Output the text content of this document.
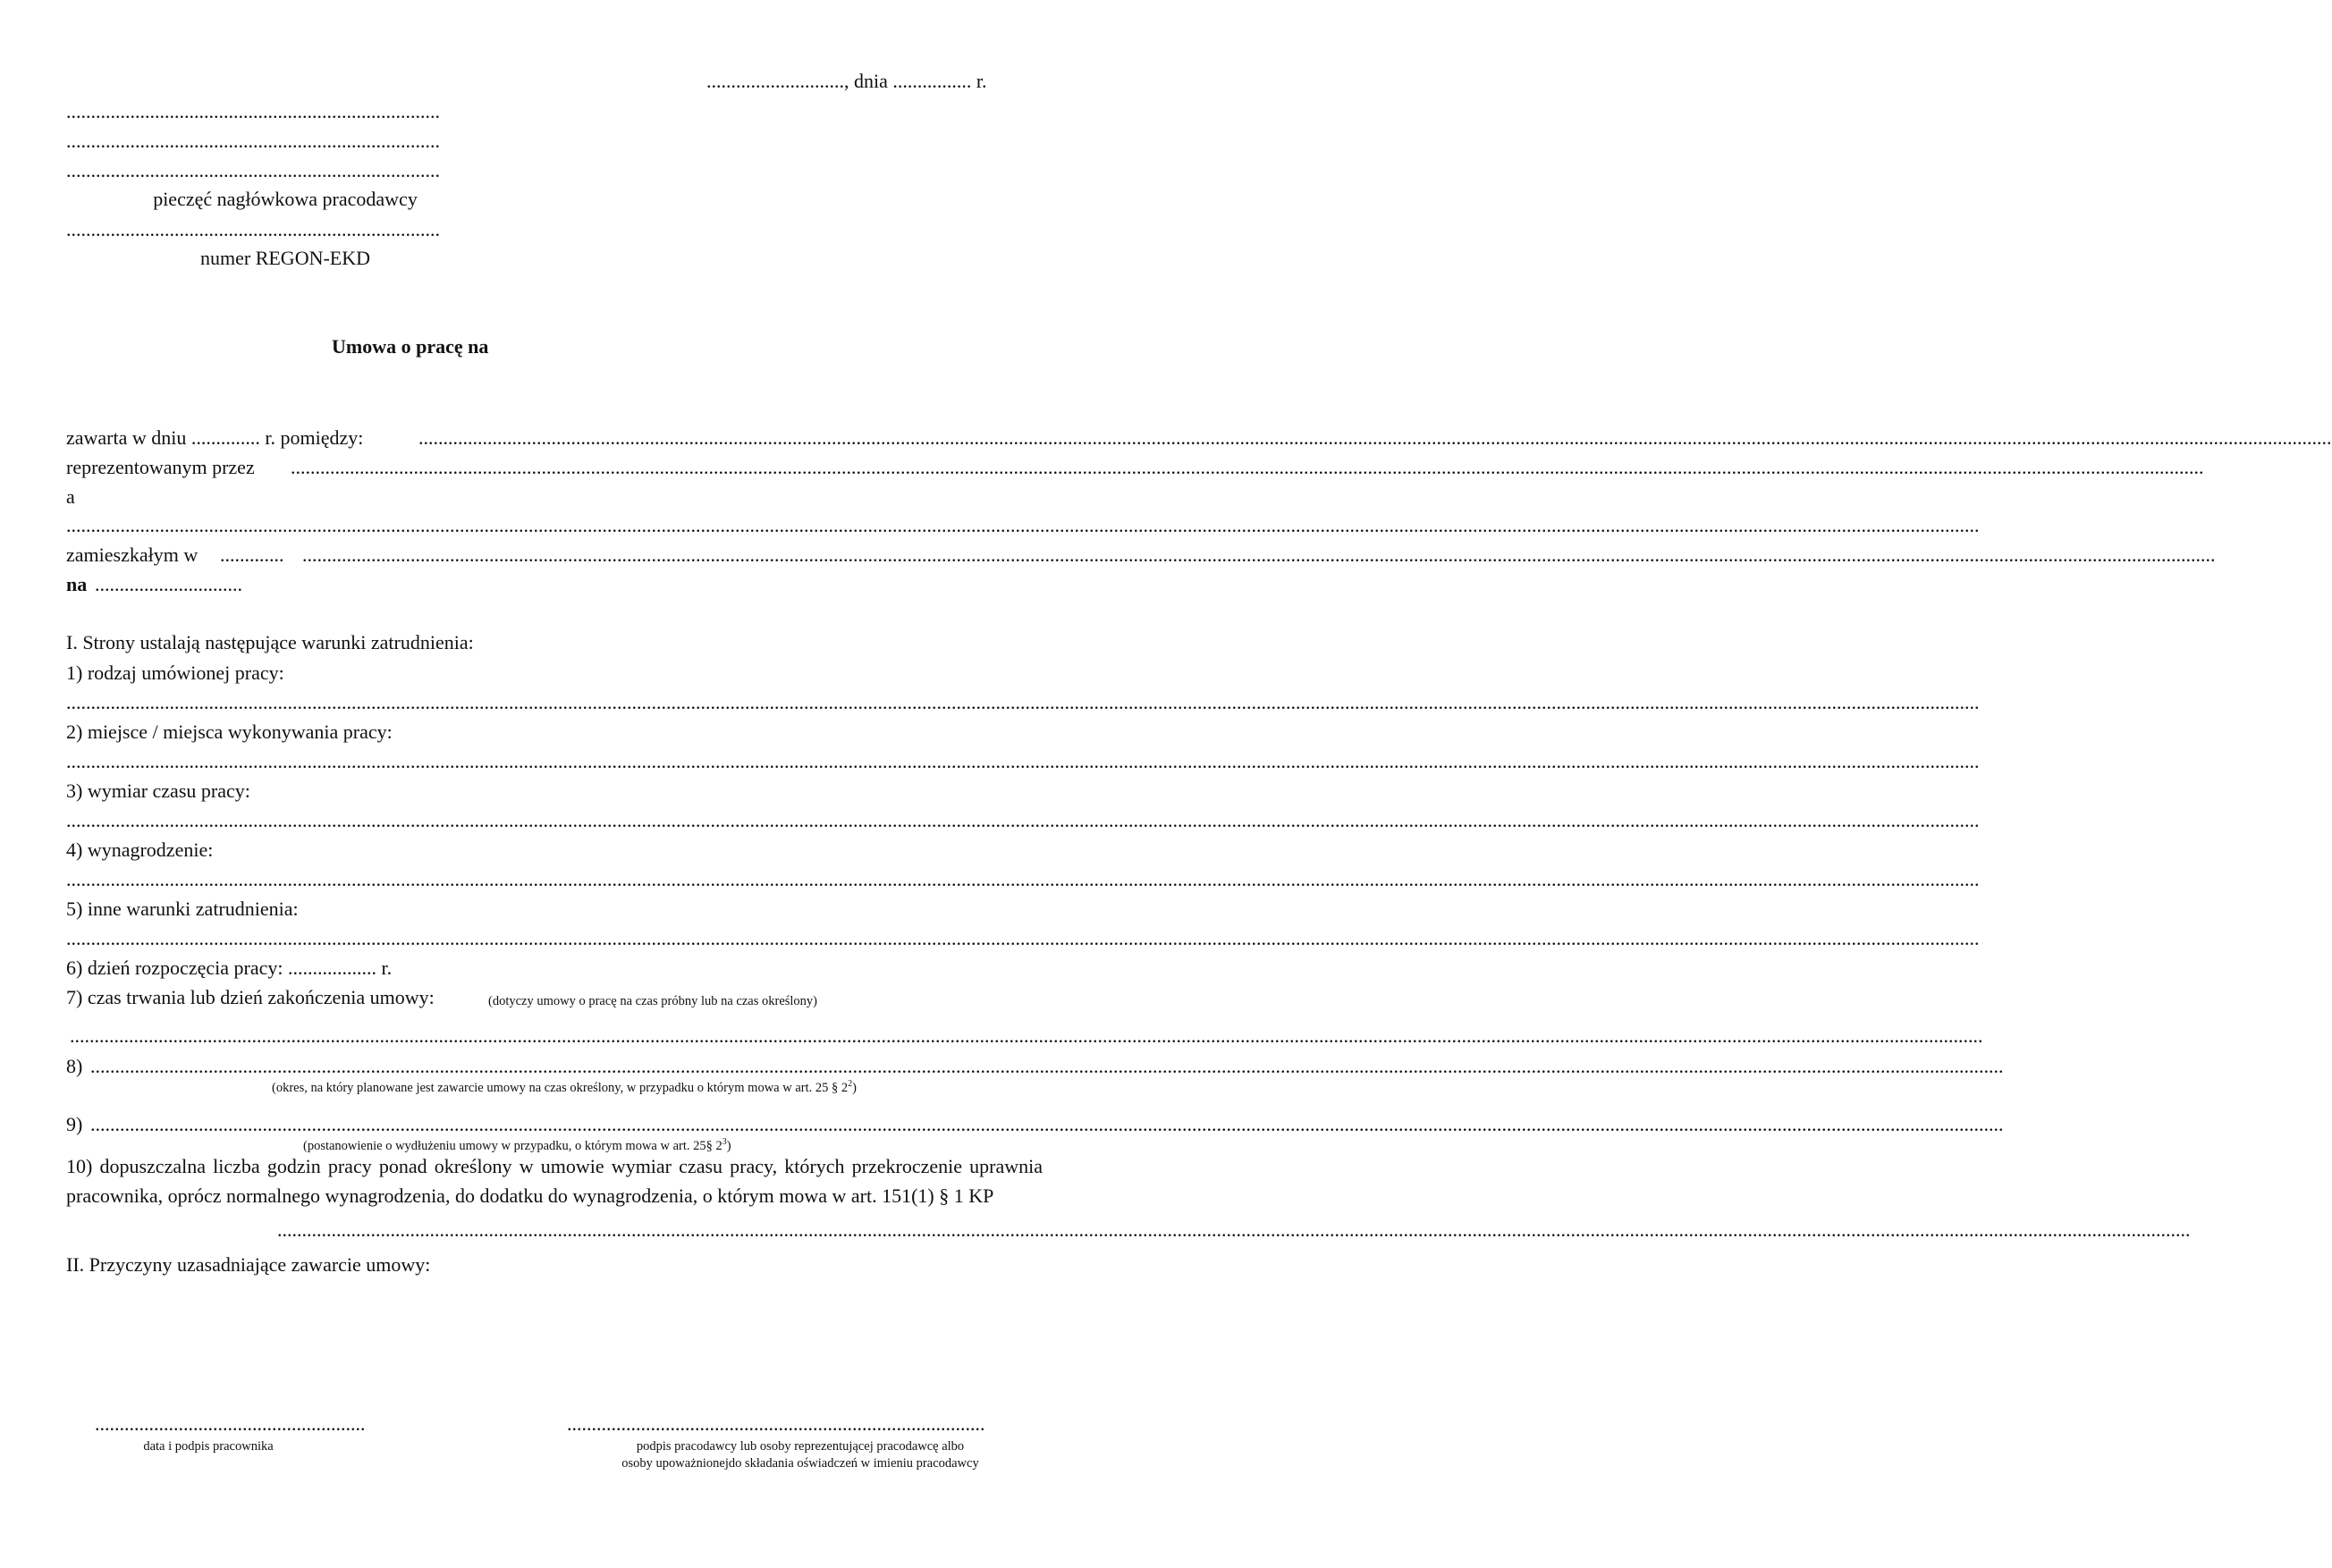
............................, dnia ................ r.
............................................................................
............................................................................
............................................................................
pieczęć nagłówkowa pracodawcy
............................................................................
numer REGON-EKD
Umowa o pracę na
zawarta w dniu .............. r. pomiędzy:	.....................................................................................................................................................................................................................................................................................................................................................................................................
reprezentowanym przez .....................................................................................................................................................................................................................................................................................................................................................................................................
a
.....................................................................................................................................................................................................................................................................................................................................................................................................
zamieszkałym w ............. .....................................................................................................................................................................................................................................................................................................................................................................................................
na ..............................
I. Strony ustalają następujące warunki zatrudnienia:
1) rodzaj umówionej pracy:
.....................................................................................................................................................................................................................................................................................................................................................................................................
2) miejsce / miejsca wykonywania pracy:
.....................................................................................................................................................................................................................................................................................................................................................................................................
3) wymiar czasu pracy:
.....................................................................................................................................................................................................................................................................................................................................................................................................
4) wynagrodzenie:
.....................................................................................................................................................................................................................................................................................................................................................................................................
5) inne warunki zatrudnienia:
.....................................................................................................................................................................................................................................................................................................................................................................................................
6) dzień rozpoczęcia pracy: .................. r.
7) czas trwania lub dzień zakończenia umowy:	(dotyczy umowy o pracę na czas próbny lub na czas określony)
.....................................................................................................................................................................................................................................................................................................................................................................................................
8) .....................................................................................................................................................................................................................................................................................................................................................................................................
(okres, na który planowane jest zawarcie umowy na czas określony, w przypadku o którym mowa w art. 25 § $2^2$)
9) .....................................................................................................................................................................................................................................................................................................................................................................................................
(postanowienie o wydłużeniu umowy w przypadku, o którym mowa w art. 25§ $2^3$)
10) dopuszczalna liczba godzin pracy ponad określony w umowie wymiar czasu pracy, których przekroczenie uprawnia pracownika, oprócz normalnego wynagrodzenia, do dodatku do wynagrodzenia, o którym mowa w art. 151(1) § 1 KP
.....................................................................................................................................................................................................................................................................................................................................................................................................
II. Przyczyny uzasadniające zawarcie umowy:
.......................................................
data i podpis pracownika
.....................................................................................
podpis pracodawcy lub osoby reprezentującej pracodawcę albo
osoby upoważnionejdo składania oświadczeń w imieniu pracodawcy
